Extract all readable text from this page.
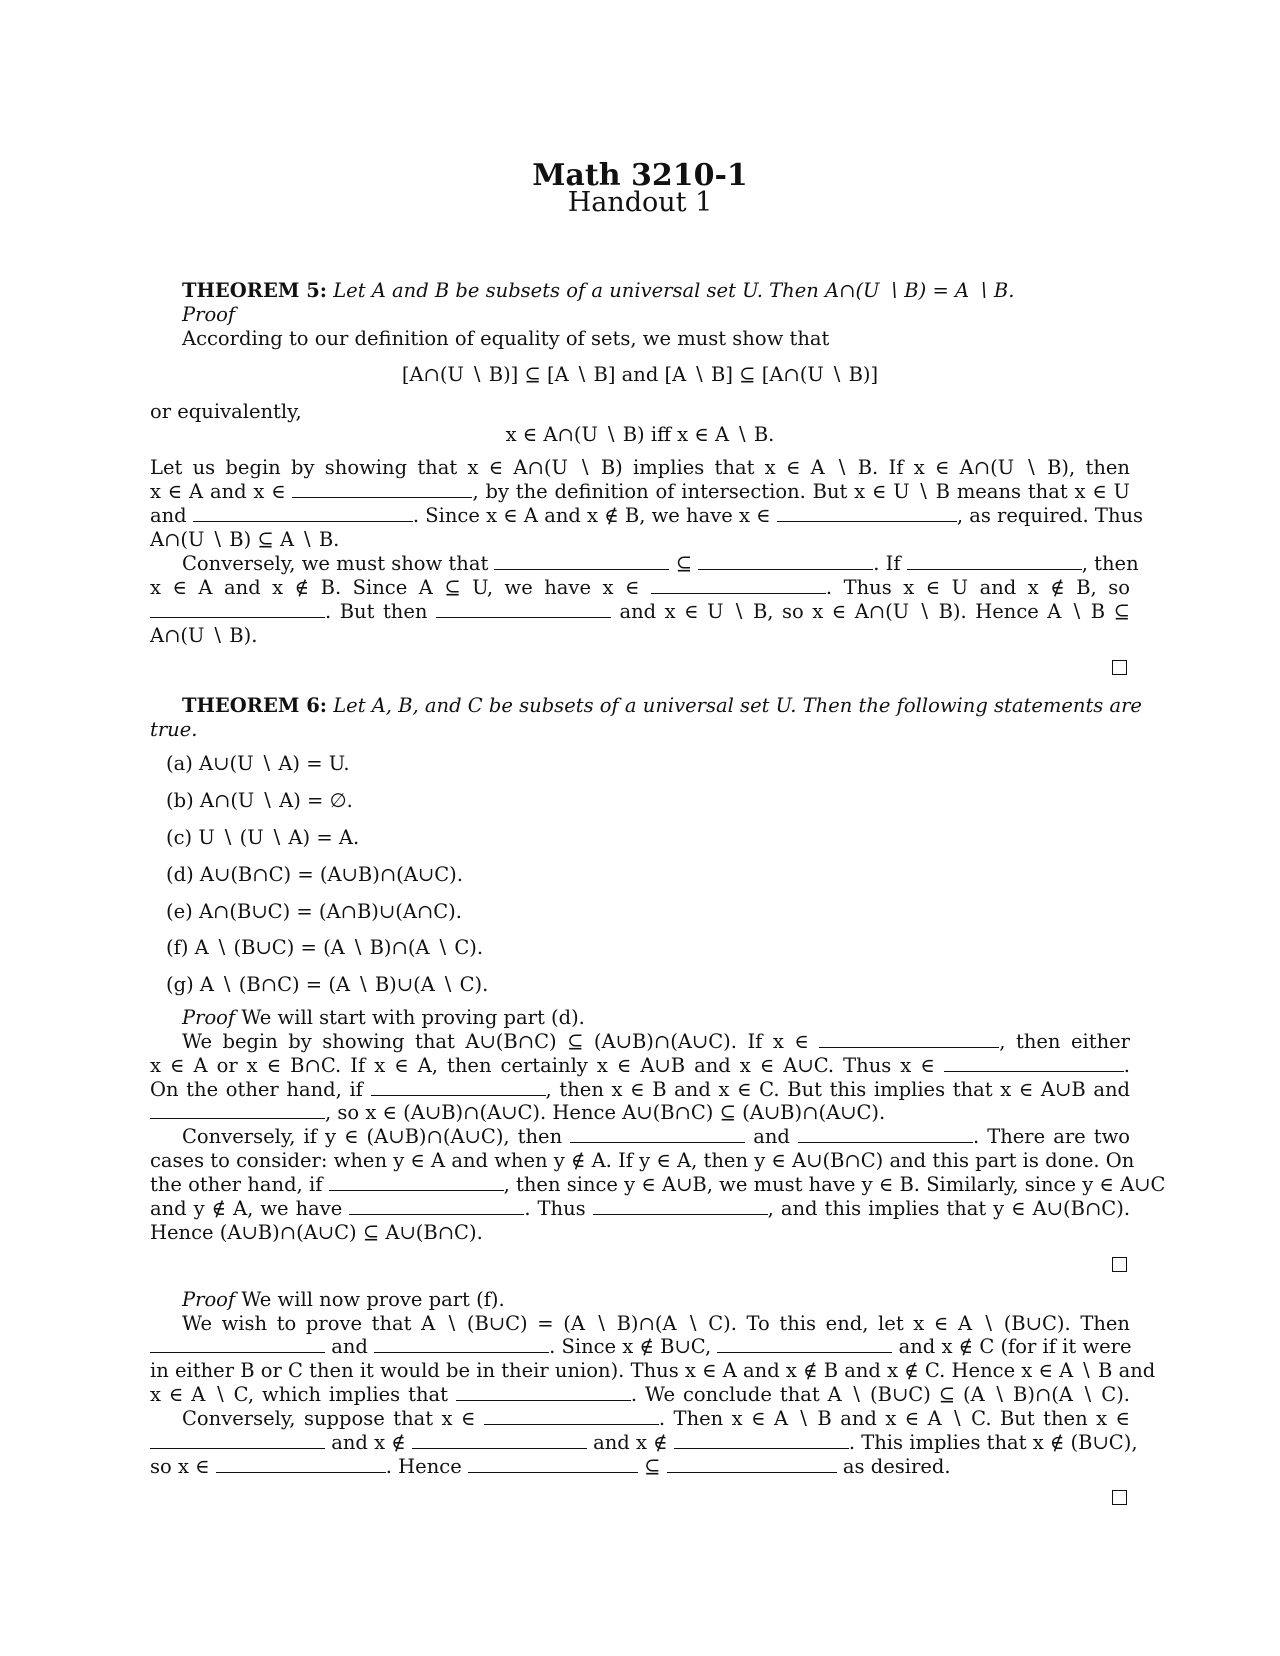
Math 3210-1
Handout 1
THEOREM 5: Let A and B be subsets of a universal set U. Then A∩(U ∖ B) = A ∖ B.
Proof
According to our definition of equality of sets, we must show that
[A∩(U ∖ B)] ⊆ [A ∖ B] and [A ∖ B] ⊆ [A∩(U ∖ B)]
or equivalently,
x ∈ A∩(U ∖ B) iff x ∈ A ∖ B.
Let us begin by showing that x ∈ A∩(U ∖ B) implies that x ∈ A ∖ B. If x ∈ A∩(U ∖ B), then
x ∈ A and x ∈	, by the definition of intersection. But x ∈ U ∖ B means that x ∈ U
and	. Since x ∈ A and x ∉ B, we have x ∈	, as required. Thus
A∩(U ∖ B) ⊆ A ∖ B.
Conversely, we must show that	⊆	. If	, then
x ∈ A and x ∉ B. Since A ⊆ U, we have x ∈	. Thus x ∈ U and x ∉ B, so
. But then	and x ∈ U ∖ B, so x ∈ A∩(U ∖ B). Hence A ∖ B ⊆
A∩(U ∖ B).
THEOREM 6: Let A, B, and C be subsets of a universal set U. Then the following statements are
true.
(a) A∪(U ∖ A) = U.
(b) A∩(U ∖ A) = ∅.
(c) U ∖ (U ∖ A) = A.
(d) A∪(B∩C) = (A∪B)∩(A∪C).
(e) A∩(B∪C) = (A∩B)∪(A∩C).
(f) A ∖ (B∪C) = (A ∖ B)∩(A ∖ C).
(g) A ∖ (B∩C) = (A ∖ B)∪(A ∖ C).
Proof We will start with proving part (d).
We begin by showing that A∪(B∩C) ⊆ (A∪B)∩(A∪C). If x ∈	, then either
x ∈ A or x ∈ B∩C. If x ∈ A, then certainly x ∈ A∪B and x ∈ A∪C. Thus x ∈	.
On the other hand, if	, then x ∈ B and x ∈ C. But this implies that x ∈ A∪B and
, so x ∈ (A∪B)∩(A∪C). Hence A∪(B∩C) ⊆ (A∪B)∩(A∪C).
Conversely, if y ∈ (A∪B)∩(A∪C), then	and	. There are two
cases to consider: when y ∈ A and when y ∉ A. If y ∈ A, then y ∈ A∪(B∩C) and this part is done. On
the other hand, if	, then since y ∈ A∪B, we must have y ∈ B. Similarly, since y ∈ A∪C
and y ∉ A, we have	. Thus	, and this implies that y ∈ A∪(B∩C).
Hence (A∪B)∩(A∪C) ⊆ A∪(B∩C).
Proof We will now prove part (f).
We wish to prove that A ∖ (B∪C) = (A ∖ B)∩(A ∖ C). To this end, let x ∈ A ∖ (B∪C). Then
and	. Since x ∉ B∪C,	and x ∉ C (for if it were
in either B or C then it would be in their union). Thus x ∈ A and x ∉ B and x ∉ C. Hence x ∈ A ∖ B and
x ∈ A ∖ C, which implies that	. We conclude that A ∖ (B∪C) ⊆ (A ∖ B)∩(A ∖ C).
Conversely, suppose that x ∈	. Then x ∈ A ∖ B and x ∈ A ∖ C. But then x ∈
and x ∉	and x ∉	. This implies that x ∉ (B∪C),
so x ∈	. Hence	⊆	as desired.
